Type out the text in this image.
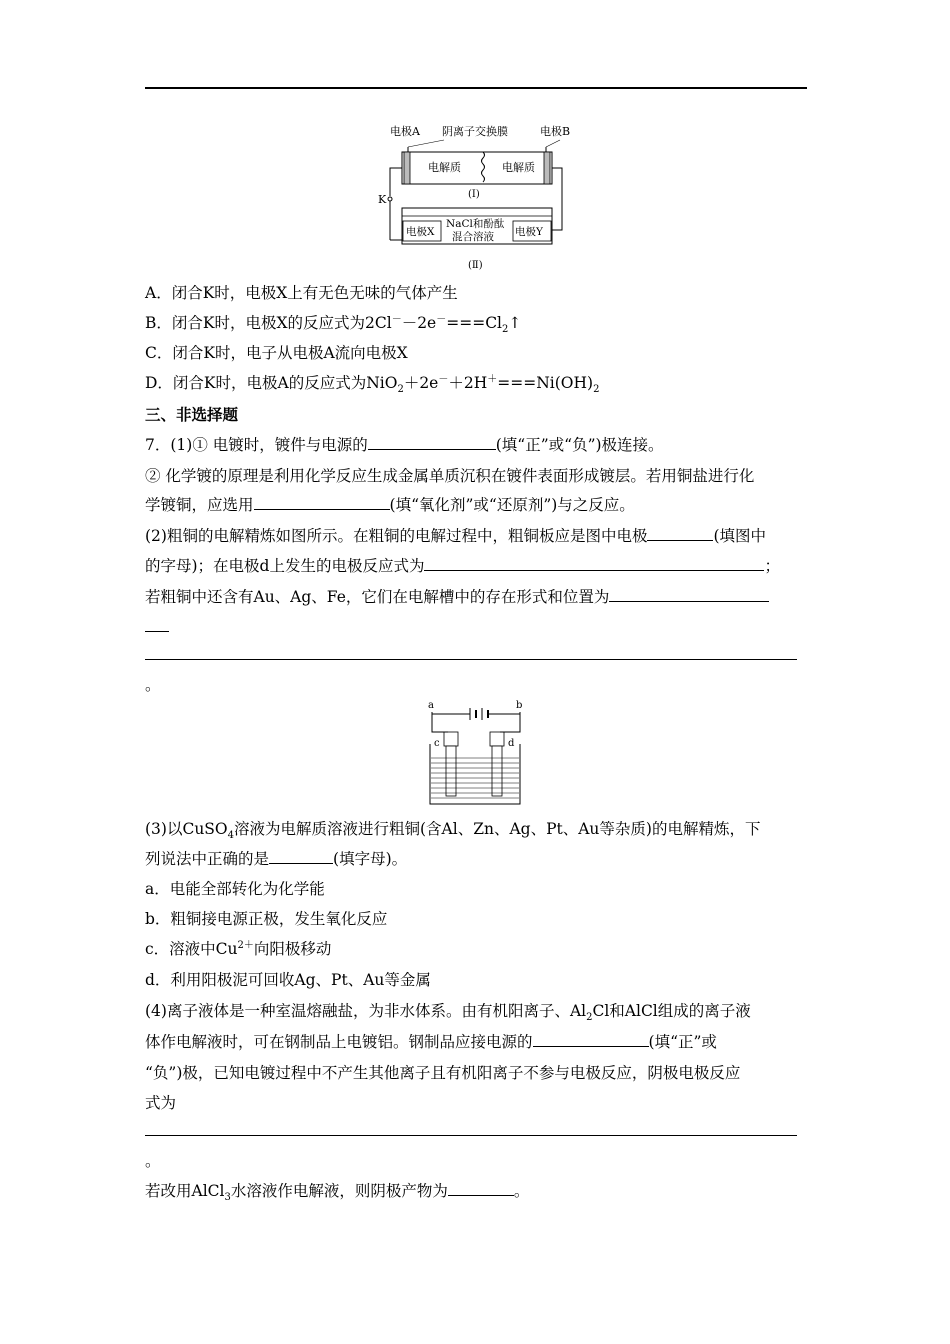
电极A 阴离子交换膜	电极B
电解质	电解质
(Ⅰ)
K
电极X	电极Y
NaCl和酚酞
混合溶液
(Ⅱ)
A．闭合K时，电极X上有无色无味的气体产生
B．闭合K时，电极X的反应式为$2Cl^--2e^-===Cl_2↑$
C．闭合K时，电子从电极A流向电极X
D．闭合K时，电极A的反应式为$NiO_2+2e^-+2H^+===Ni(OH)_2$
三、非选择题
7．(1)① 电镀时，镀件与电源的	(填“正”或“负”)极连接。
② 化学镀的原理是利用化学反应生成金属单质沉积在镀件表面形成镀层。若用铜盐进行化
学镀铜，应选用	(填“氧化剂”或“还原剂”)与之反应。
(2)粗铜的电解精炼如图所示。在粗铜的电解过程中，粗铜板应是图中电极	(填图中
的字母)；在电极d上发生的电极反应式为	；
若粗铜中还含有Au、Ag、Fe，它们在电解槽中的存在形式和位置为
。
a	b
c	d
(3)以CuSO$_4$溶液为电解质溶液进行粗铜(含Al、Zn、Ag、Pt、Au等杂质)的电解精炼，下
列说法中正确的是	(填字母)。
a．电能全部转化为化学能
b．粗铜接电源正极，发生氧化反应
c．溶液中$Cu^{2+}$向阳极移动
d．利用阳极泥可回收Ag、Pt、Au等金属
(4)离子液体是一种室温熔融盐，为非水体系。由有机阳离子、$Al_2Cl$和AlCl组成的离子液
体作电解液时，可在钢制品上电镀铝。钢制品应接电源的	(填“正”或
“负”)极，已知电镀过程中不产生其他离子且有机阳离子不参与电极反应，阴极电极反应
式为
。
若改用AlCl$_3$水溶液作电解液，则阴极产物为	。
